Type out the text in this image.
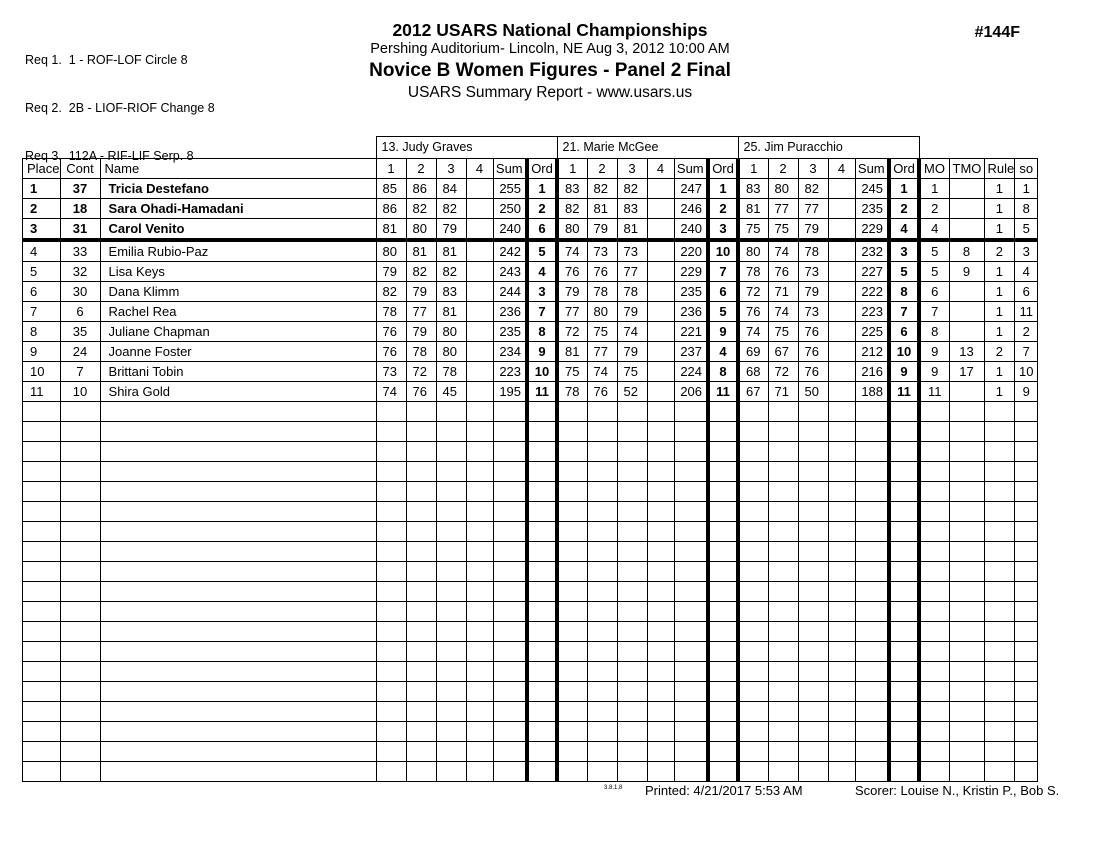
Req 1.  1 - ROF-LOF Circle 8

Req 2.  2B - LIOF-RIOF Change 8

Req 3.  112A - RIF-LIF Serp. 8

2012 USARS National Championships
Pershing Auditorium- Lincoln, NE Aug 3, 2012 10:00 AM
Novice B Women Figures - Panel 2 Final
USARS Summary Report - www.usars.us
#144F
			13. Judy Graves						21. Marie McGee						25. Jim Puracchio									
Place	Cont	Name	1	2	3	4	Sum	Ord	1	2	3	4	Sum	Ord	1	2	3	4	Sum	Ord	MO	TMO	Rule	so
1	37	Tricia Destefano	85	86	84		255	1	83	82	82		247	1	83	80	82		245	1	1		1	1
2	18	Sara Ohadi-Hamadani	86	82	82		250	2	82	81	83		246	2	81	77	77		235	2	2		1	8
3	31	Carol Venito	81	80	79		240	6	80	79	81		240	3	75	75	79		229	4	4		1	5
4	33	Emilia Rubio-Paz	80	81	81		242	5	74	73	73		220	10	80	74	78		232	3	5	8	2	3
5	32	Lisa Keys	79	82	82		243	4	76	76	77		229	7	78	76	73		227	5	5	9	1	4
6	30	Dana Klimm	82	79	83		244	3	79	78	78		235	6	72	71	79		222	8	6		1	6
7	6	Rachel Rea	78	77	81		236	7	77	80	79		236	5	76	74	73		223	7	7		1	11
8	35	Juliane Chapman	76	79	80		235	8	72	75	74		221	9	74	75	76		225	6	8		1	2
9	24	Joanne Foster	76	78	80		234	9	81	77	79		237	4	69	67	76		212	10	9	13	2	7
10	7	Brittani Tobin	73	72	78		223	10	75	74	75		224	8	68	72	76		216	9	9	17	1	10
11	10	Shira Gold	74	76	45		195	11	78	76	52		206	11	67	71	50		188	11	11		1	9

3.8.1.8 Printed: 4/21/2017 5:53 AM	Scorer: Louise N., Kristin P., Bob S.
